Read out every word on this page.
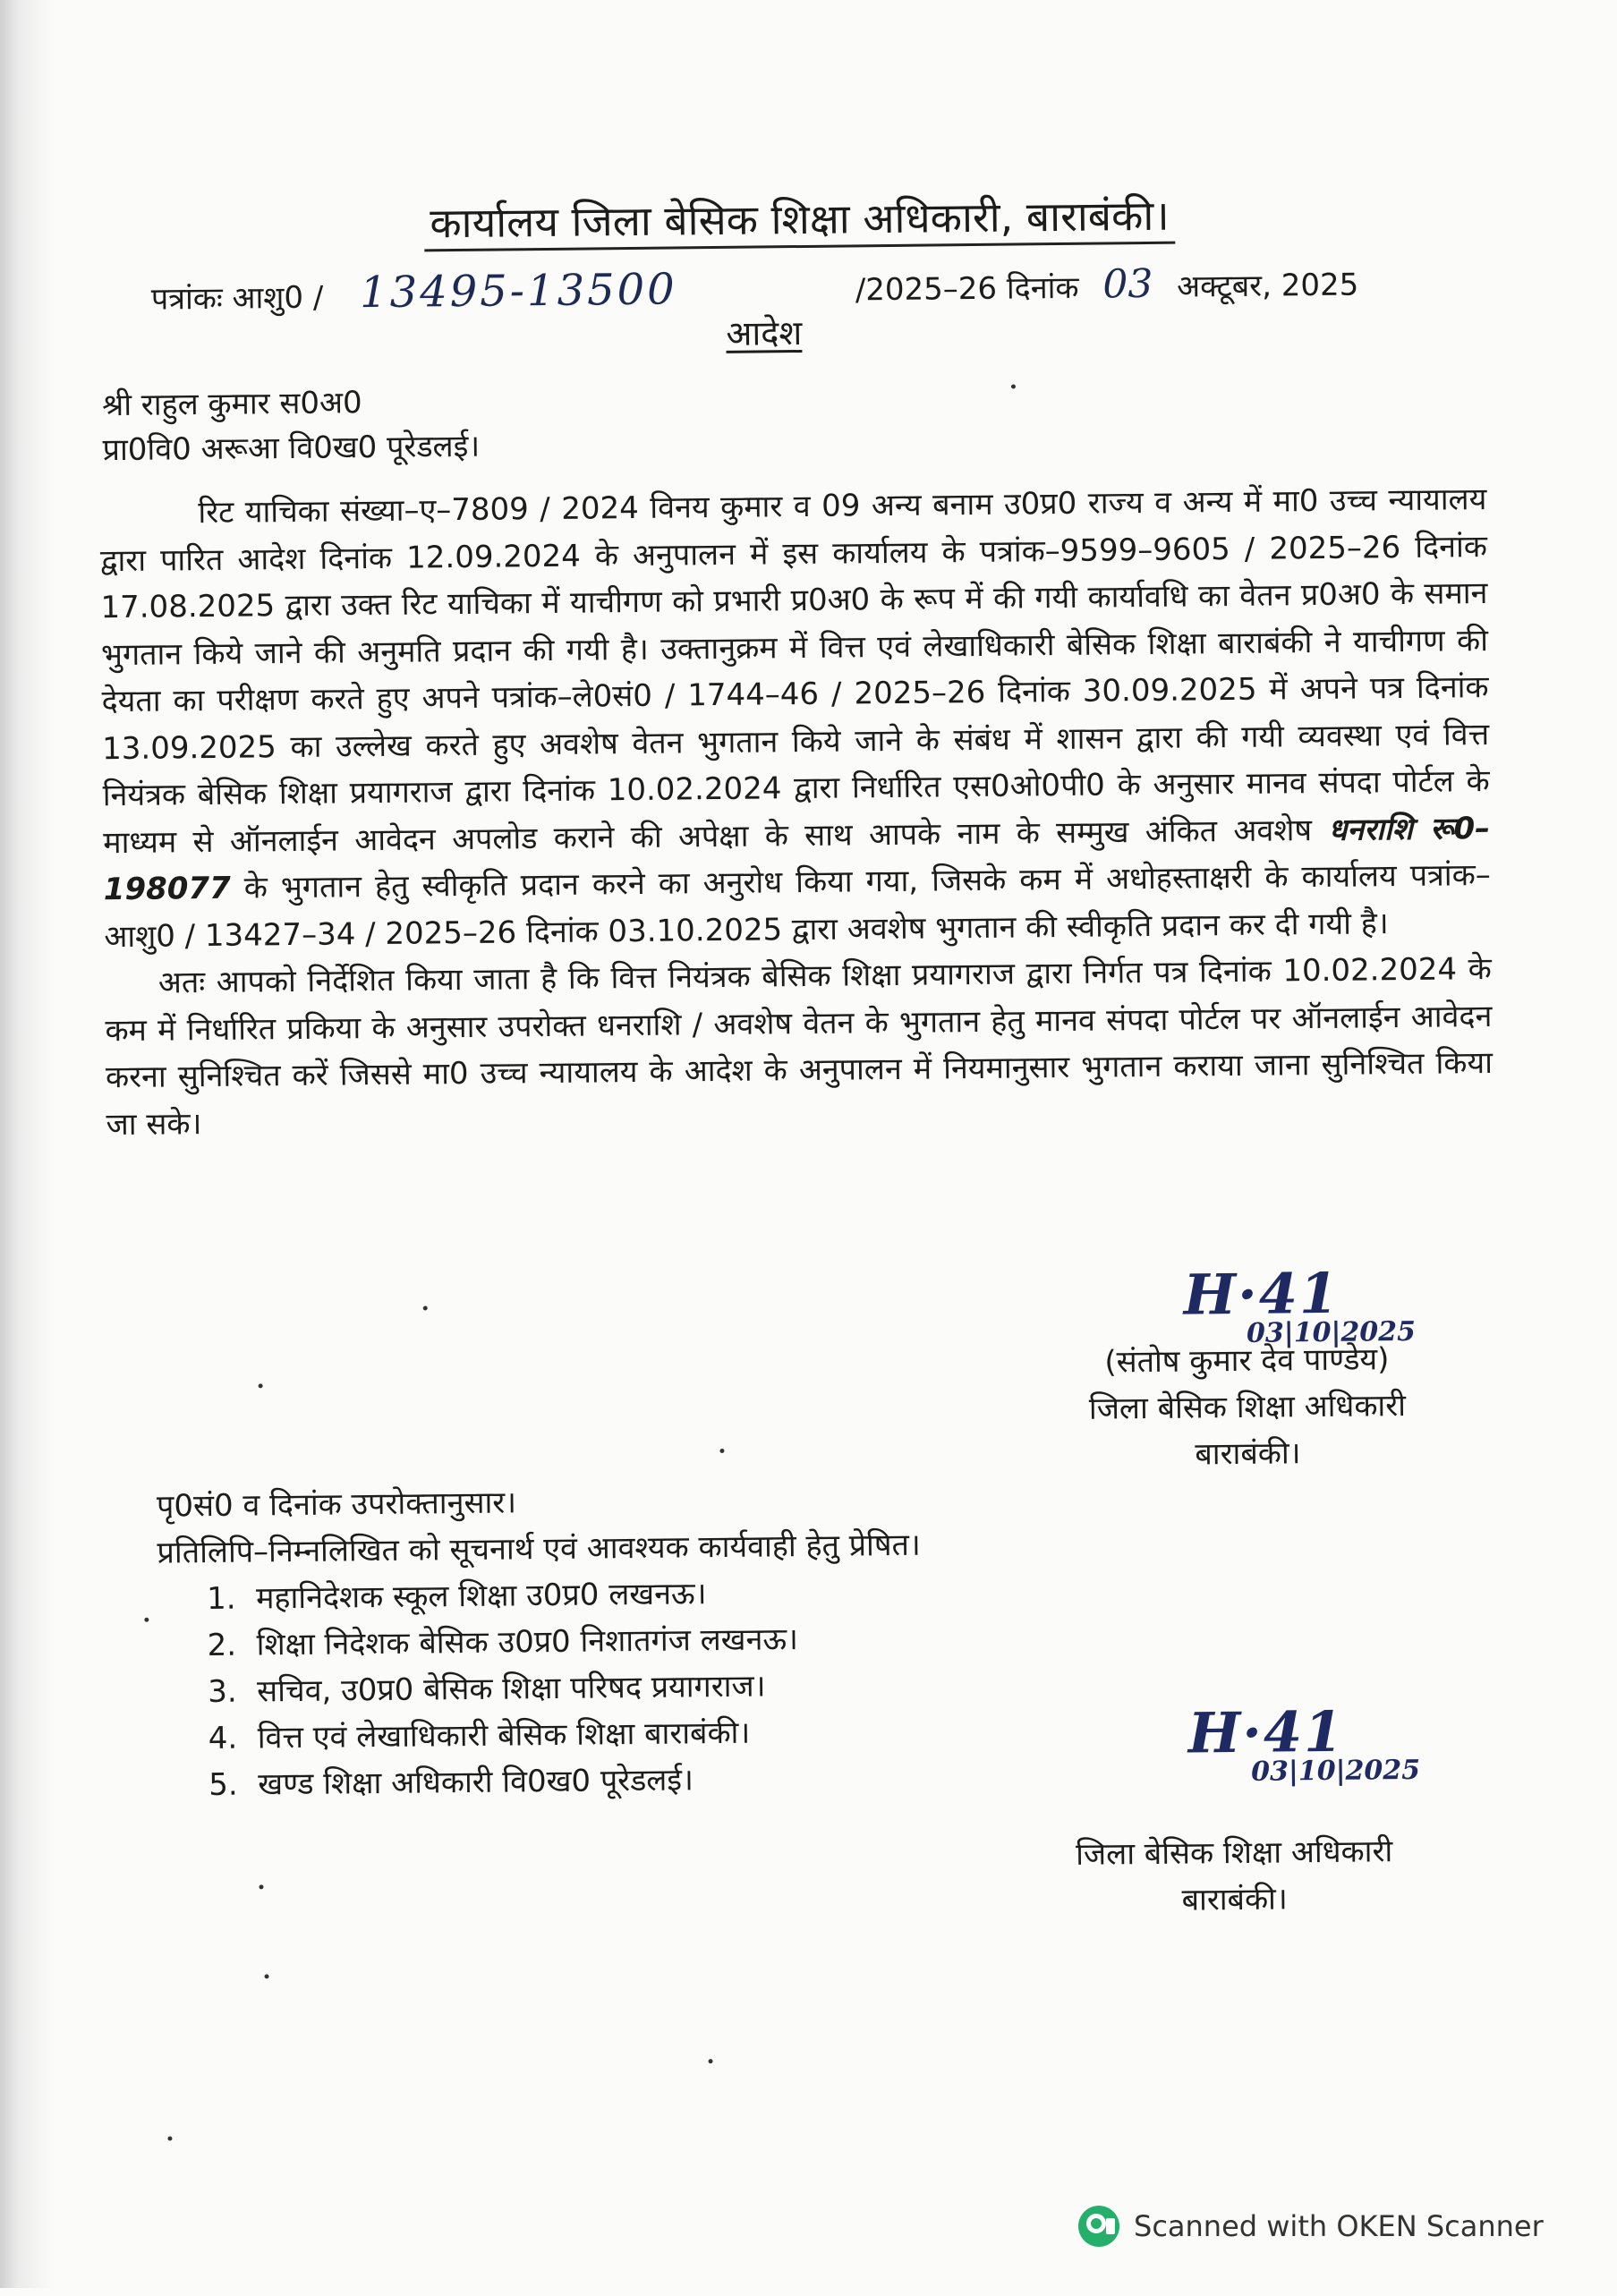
कार्यालय जिला बेसिक शिक्षा अधिकारी, बाराबंकी।
पत्रांकः आशु0 / 13495-13500	/2025–26 दिनांक 03 अक्टूबर, 2025
आदेश
श्री राहुल कुमार स0अ0
प्रा0वि0 अरूआ वि0ख0 पूरेडलई।

रिट याचिका संख्या–ए–7809 / 2024 विनय कुमार व 09 अन्य बनाम उ0प्र0 राज्य व अन्य में मा0 उच्च न्यायालय द्वारा पारित आदेश दिनांक 12.09.2024 के अनुपालन में इस कार्यालय के पत्रांक–9599–9605 / 2025–26 दिनांक 17.08.2025 द्वारा उक्त रिट याचिका में याचीगण को प्रभारी प्र0अ0 के रूप में की गयी कार्यावधि का वेतन प्र0अ0 के समान भुगतान किये जाने की अनुमति प्रदान की गयी है। उक्तानुक्रम में वित्त एवं लेखाधिकारी बेसिक शिक्षा बाराबंकी ने याचीगण की देयता का परीक्षण करते हुए अपने पत्रांक–ले0सं0 / 1744–46 / 2025–26 दिनांक 30.09.2025 में अपने पत्र दिनांक 13.09.2025 का उल्लेख करते हुए अवशेष वेतन भुगतान किये जाने के संबंध में शासन द्वारा की गयी व्यवस्था एवं वित्त नियंत्रक बेसिक शिक्षा प्रयागराज द्वारा दिनांक 10.02.2024 द्वारा निर्धारित एस0ओ0पी0 के अनुसार मानव संपदा पोर्टल के माध्यम से ऑनलाईन आवेदन अपलोड कराने की अपेक्षा के साथ आपके नाम के सम्मुख अंकित अवशेष धनराशि रू0–198077 के भुगतान हेतु स्वीकृति प्रदान करने का अनुरोध किया गया, जिसके कम में अधोहस्ताक्षरी के कार्यालय पत्रांक–आशु0 / 13427–34 / 2025–26 दिनांक 03.10.2025 द्वारा अवशेष भुगतान की स्वीकृति प्रदान कर दी गयी है।

अतः आपको निर्देशित किया जाता है कि वित्त नियंत्रक बेसिक शिक्षा प्रयागराज द्वारा निर्गत पत्र दिनांक 10.02.2024 के कम में निर्धारित प्रकिया के अनुसार उपरोक्त धनराशि / अवशेष वेतन के भुगतान हेतु मानव संपदा पोर्टल पर ऑनलाईन आवेदन करना सुनिश्चित करें जिससे मा0 उच्च न्यायालय के आदेश के अनुपालन में नियमानुसार भुगतान कराया जाना सुनिश्चित किया जा सके।

H·41
03|10|2025
(संतोष कुमार देव पाण्डेय)
जिला बेसिक शिक्षा अधिकारी
बाराबंकी।
पृ0सं0 व दिनांक उपरोक्तानुसार।
प्रतिलिपि–निम्नलिखित को सूचनार्थ एवं आवश्यक कार्यवाही हेतु प्रेषित।
1. महानिदेशक स्कूल शिक्षा उ0प्र0 लखनऊ।
2. शिक्षा निदेशक बेसिक उ0प्र0 निशातगंज लखनऊ।
3. सचिव, उ0प्र0 बेसिक शिक्षा परिषद प्रयागराज।
4. वित्त एवं लेखाधिकारी बेसिक शिक्षा बाराबंकी।
5. खण्ड शिक्षा अधिकारी वि0ख0 पूरेडलई।
H·41
03|10|2025
जिला बेसिक शिक्षा अधिकारी
बाराबंकी।
Scanned with OKEN Scanner
